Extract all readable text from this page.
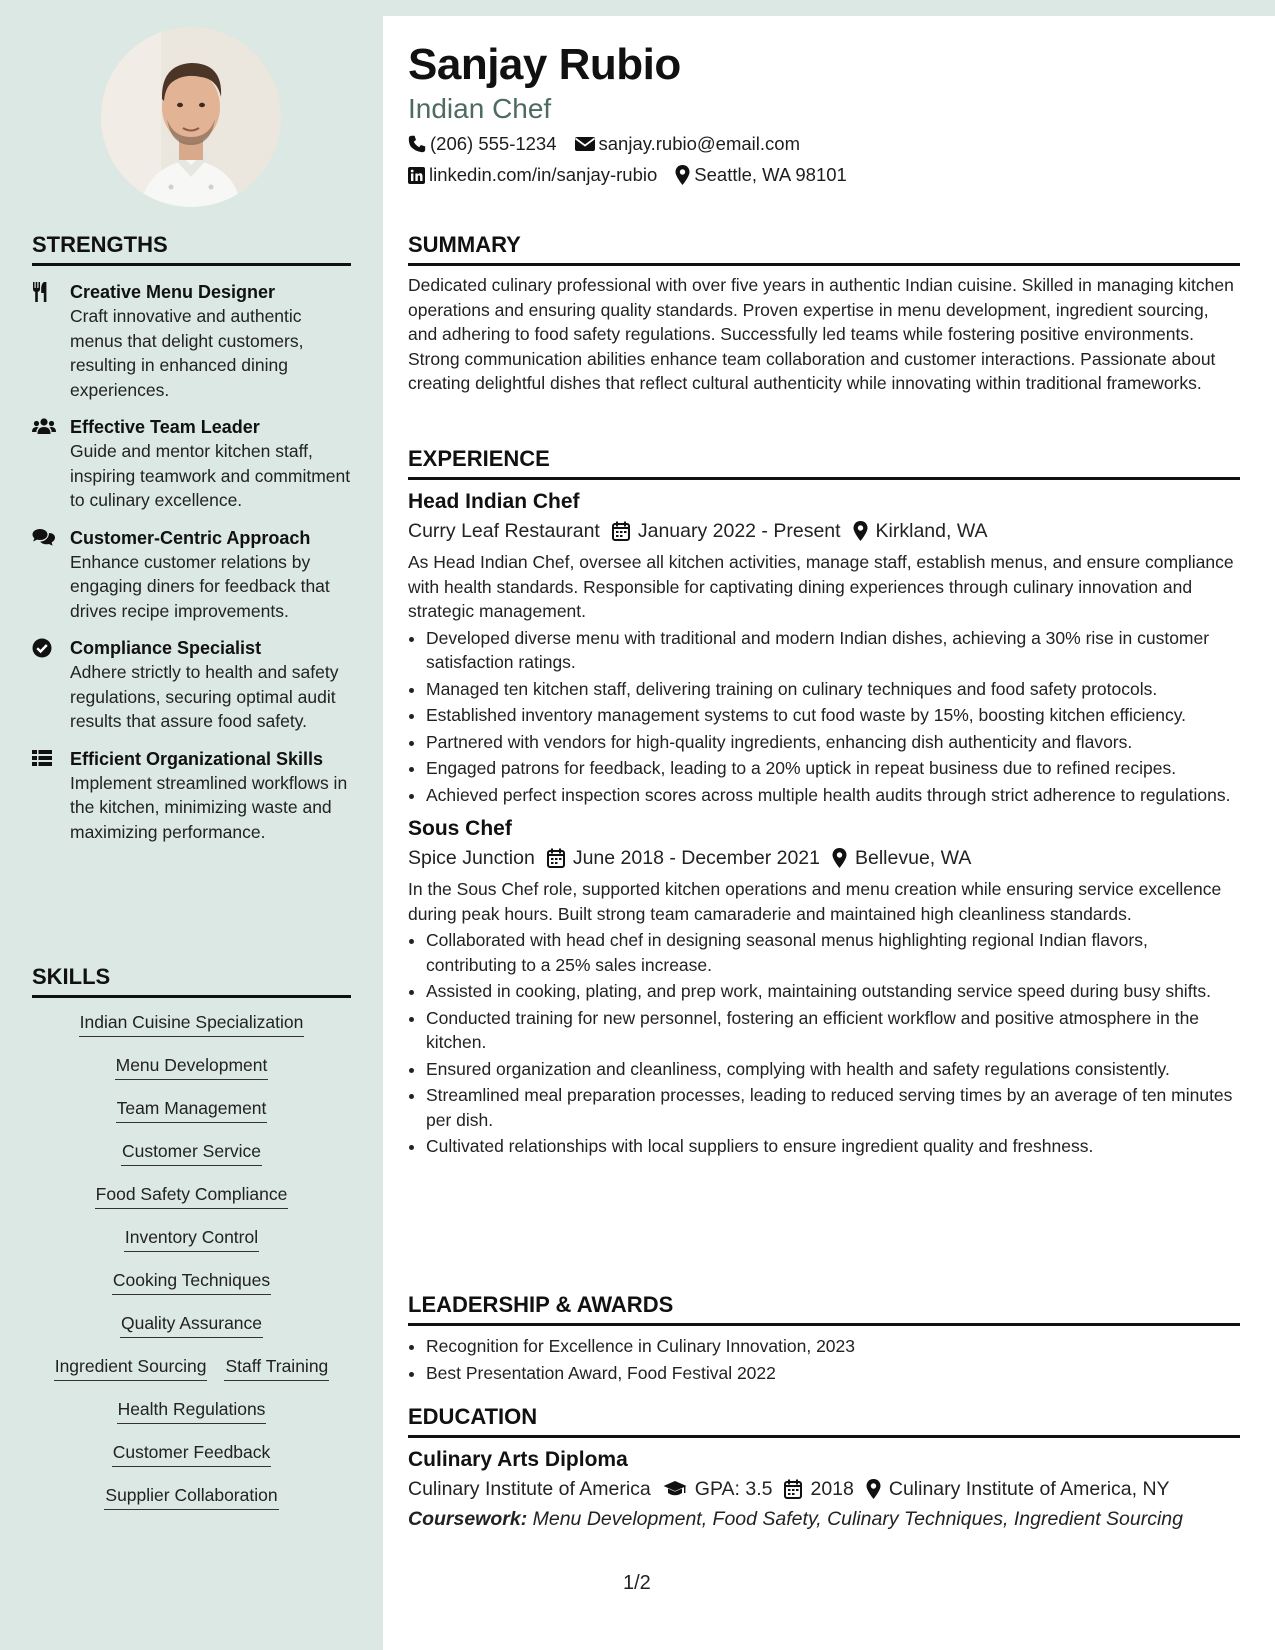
STRENGTHS
Creative Menu Designer
Craft innovative and authentic menus that delight customers, resulting in enhanced dining experiences.
Effective Team Leader
Guide and mentor kitchen staff, inspiring teamwork and commitment to culinary excellence.
Customer-Centric Approach
Enhance customer relations by engaging diners for feedback that drives recipe improvements.
Compliance Specialist
Adhere strictly to health and safety regulations, securing optimal audit results that assure food safety.
Efficient Organizational Skills
Implement streamlined workflows in the kitchen, minimizing waste and maximizing performance.
SKILLS
Indian Cuisine Specialization
Menu Development
Team Management
Customer Service
Food Safety Compliance
Inventory Control
Cooking Techniques
Quality Assurance
Ingredient Sourcing Staff Training
Health Regulations
Customer Feedback
Supplier Collaboration
Sanjay Rubio
Indian Chef
(206) 555-1234 sanjay.rubio@email.com
linkedin.com/in/sanjay-rubio Seattle, WA 98101
SUMMARY

Dedicated culinary professional with over five years in authentic Indian cuisine. Skilled in managing kitchen operations and ensuring quality standards. Proven expertise in menu development, ingredient sourcing, and adhering to food safety regulations. Successfully led teams while fostering positive environments. Strong communication abilities enhance team collaboration and customer interactions. Passionate about creating delightful dishes that reflect cultural authenticity while innovating within traditional frameworks.

EXPERIENCE
Head Indian Chef
Curry Leaf Restaurant January 2022 - Present Kirkland, WA

As Head Indian Chef, oversee all kitchen activities, manage staff, establish menus, and ensure compliance with health standards. Responsible for captivating dining experiences through culinary innovation and strategic management.

• Developed diverse menu with traditional and modern Indian dishes, achieving a 30% rise in customer satisfaction ratings.
• Managed ten kitchen staff, delivering training on culinary techniques and food safety protocols.
• Established inventory management systems to cut food waste by 15%, boosting kitchen efficiency.
• Partnered with vendors for high-quality ingredients, enhancing dish authenticity and flavors.
• Engaged patrons for feedback, leading to a 20% uptick in repeat business due to refined recipes.
• Achieved perfect inspection scores across multiple health audits through strict adherence to regulations.
Sous Chef
Spice Junction June 2018 - December 2021 Bellevue, WA

In the Sous Chef role, supported kitchen operations and menu creation while ensuring service excellence during peak hours. Built strong team camaraderie and maintained high cleanliness standards.

• Collaborated with head chef in designing seasonal menus highlighting regional Indian flavors, contributing to a 25% sales increase.
• Assisted in cooking, plating, and prep work, maintaining outstanding service speed during busy shifts.
• Conducted training for new personnel, fostering an efficient workflow and positive atmosphere in the kitchen.
• Ensured organization and cleanliness, complying with health and safety regulations consistently.
• Streamlined meal preparation processes, leading to reduced serving times by an average of ten minutes per dish.
• Cultivated relationships with local suppliers to ensure ingredient quality and freshness.
LEADERSHIP & AWARDS
• Recognition for Excellence in Culinary Innovation, 2023
• Best Presentation Award, Food Festival 2022
EDUCATION
Culinary Arts Diploma
Culinary Institute of America GPA: 3.5 2018 Culinary Institute of America, NY
Coursework: Menu Development, Food Safety, Culinary Techniques, Ingredient Sourcing
1/2
